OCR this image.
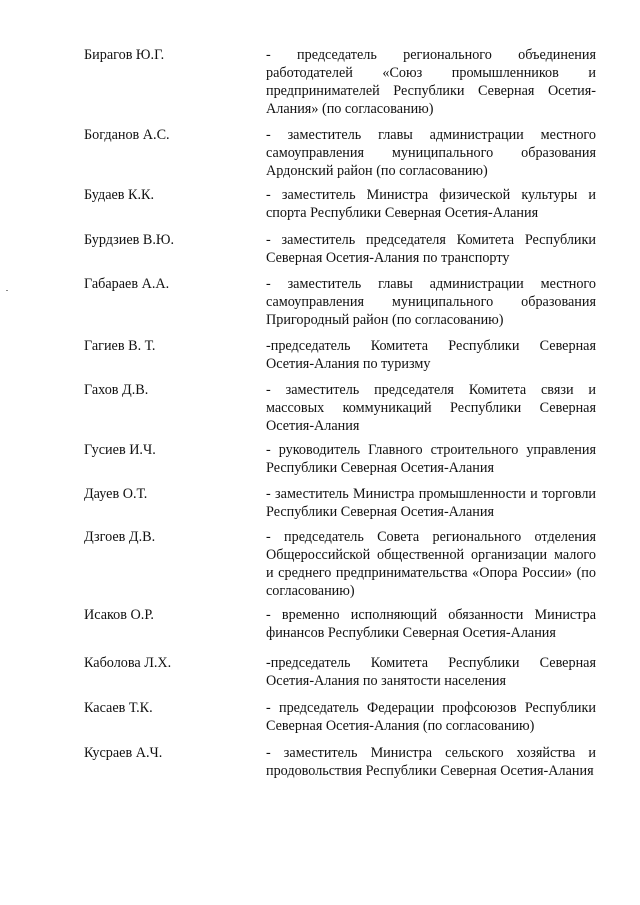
Бирагов Ю.Г.	- председатель регионального объединения работодателей «Союз промышленников и предпринимателей Республики Северная Осетия-Алания» (по согласованию)
Богданов А.С.	- заместитель главы администрации местного самоуправления муниципального образования Ардонский район (по согласованию)
Будаев К.К.	- заместитель Министра физической культуры и спорта Республики Северная Осетия-Алания
Бурдзиев В.Ю.	- заместитель председателя Комитета Республики Северная Осетия-Алания по транспорту
Габараев А.А.	- заместитель главы администрации местного самоуправления муниципального образования Пригородный район (по согласованию)
Гагиев В. Т.	-председатель Комитета Республики Северная Осетия-Алания по туризму
Гахов Д.В.	- заместитель председателя Комитета связи и массовых коммуникаций Республики Северная Осетия-Алания
Гусиев И.Ч.	- руководитель Главного строительного управления Республики Северная Осетия-Алания
Дауев О.Т.	- заместитель Министра промышленности и торговли Республики Северная Осетия-Алания
Дзгоев Д.В.	- председатель Совета регионального отделения Общероссийской общественной организации малого и среднего предпринимательства «Опора России» (по согласованию)
Исаков О.Р.	- временно исполняющий обязанности Министра финансов Республики Северная Осетия-Алания
Каболова Л.Х.	-председатель Комитета Республики Северная Осетия-Алания по занятости населения
Касаев Т.К.	- председатель Федерации профсоюзов Республики Северная Осетия-Алания (по согласованию)
Кусраев А.Ч.	- заместитель Министра сельского хозяйства и продовольствия Республики Северная Осетия-Алания
